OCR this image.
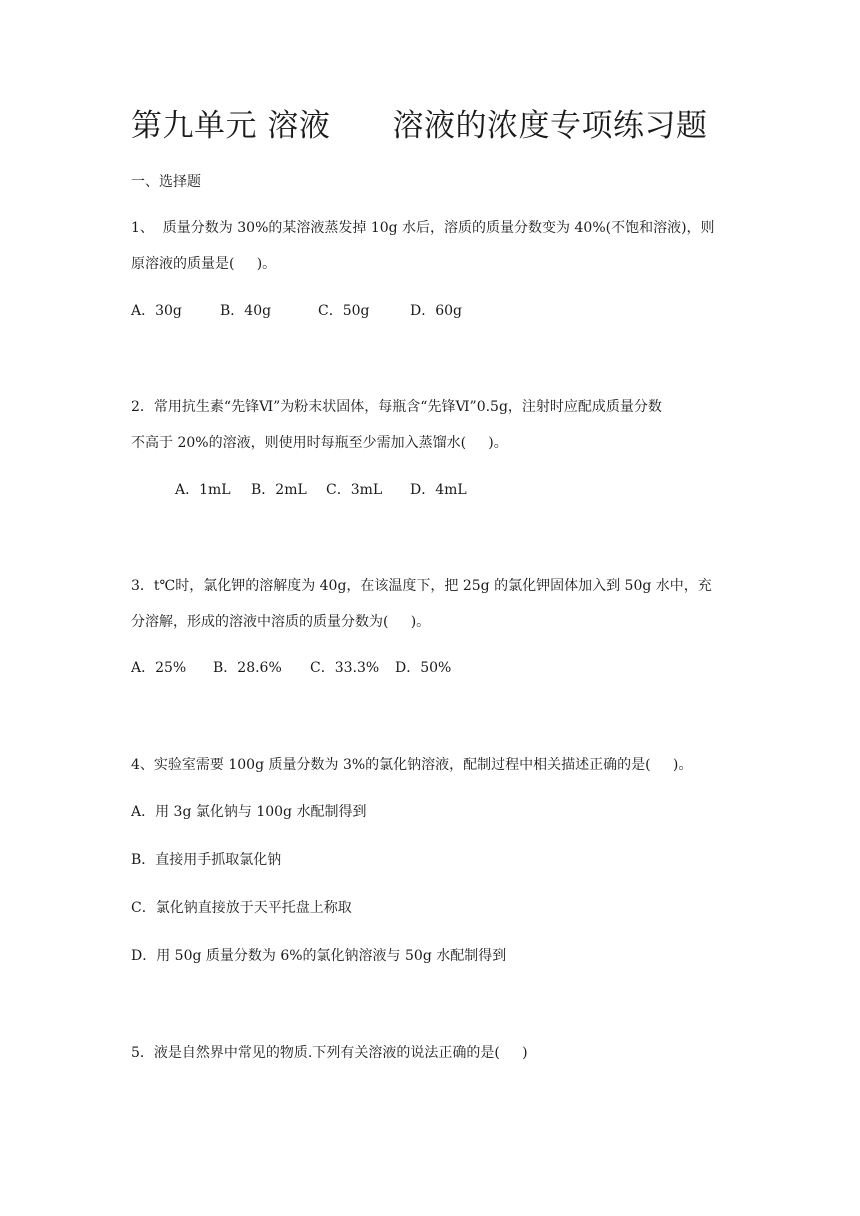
第九单元 溶液      溶液的浓度专项练习题
一、选择题
1、  质量分数为 30%的某溶液蒸发掉 10g 水后，溶质的质量分数变为 40%(不饱和溶液)，则
原溶液的质量是(     )。
A．30g	B．40g	C．50g	D．60g
2．常用抗生素“先锋Ⅵ”为粉末状固体，每瓶含“先锋Ⅵ”0.5g，注射时应配成质量分数
不高于 20%的溶液，则使用时每瓶至少需加入蒸馏水(     )。
A．1mL B．2mL C．3mL D．4mL
3．t℃时，氯化钾的溶解度为 40g，在该温度下，把 25g 的氯化钾固体加入到 50g 水中，充
分溶解，形成的溶液中溶质的质量分数为(     )。
A．25% B．28.6% C．33.3% D．50%
4、实验室需要 100g 质量分数为 3%的氯化钠溶液，配制过程中相关描述正确的是(     )。
A．用 3g 氯化钠与 100g 水配制得到
B．直接用手抓取氯化钠
C．氯化钠直接放于天平托盘上称取
D．用 50g 质量分数为 6%的氯化钠溶液与 50g 水配制得到
5．液是自然界中常见的物质.下列有关溶液的说法正确的是(     )
